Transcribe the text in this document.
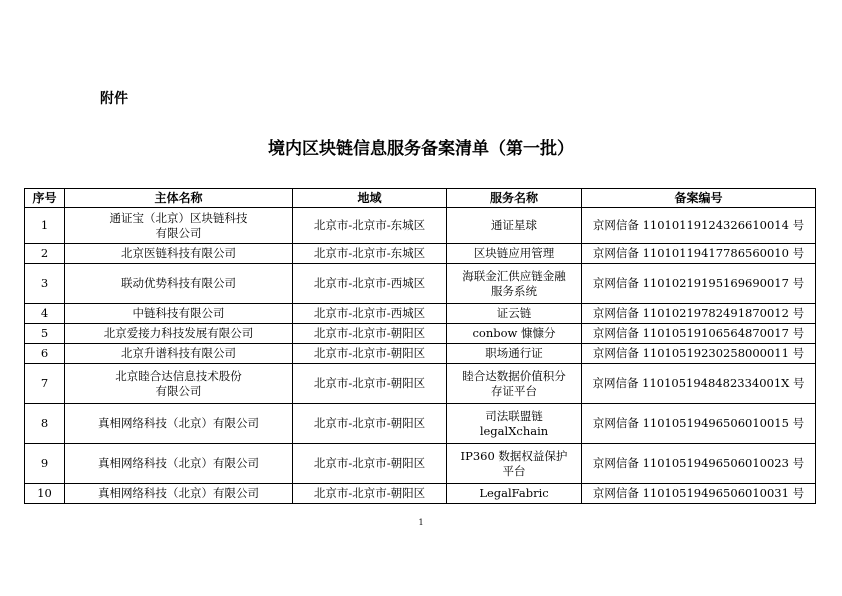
附件
境内区块链信息服务备案清单（第一批）
序号	主体名称	地域	服务名称	备案编号
1	通证宝（北京）区块链科技
有限公司	北京市-北京市-东城区	通证星球	京网信备 11010119124326610014 号
2	北京医链科技有限公司	北京市-北京市-东城区	区块链应用管理	京网信备 11010119417786560010 号
3	联动优势科技有限公司	北京市-北京市-西城区	海联金汇供应链金融
服务系统	京网信备 11010219195169690017 号
4	中链科技有限公司	北京市-北京市-西城区	证云链	京网信备 11010219782491870012 号
5	北京爱接力科技发展有限公司	北京市-北京市-朝阳区	conbow 慷慷分	京网信备 11010519106564870017 号
6	北京升谱科技有限公司	北京市-北京市-朝阳区	职场通行证	京网信备 11010519230258000011 号
7	北京睦合达信息技术股份
有限公司	北京市-北京市-朝阳区	睦合达数据价值积分
存证平台	京网信备 1101051948482334001X 号
8	真相网络科技（北京）有限公司	北京市-北京市-朝阳区	司法联盟链
legalXchain	京网信备 11010519496506010015 号
9	真相网络科技（北京）有限公司	北京市-北京市-朝阳区	IP360 数据权益保护
平台	京网信备 11010519496506010023 号
10	真相网络科技（北京）有限公司	北京市-北京市-朝阳区	LegalFabric	京网信备 11010519496506010031 号
1
